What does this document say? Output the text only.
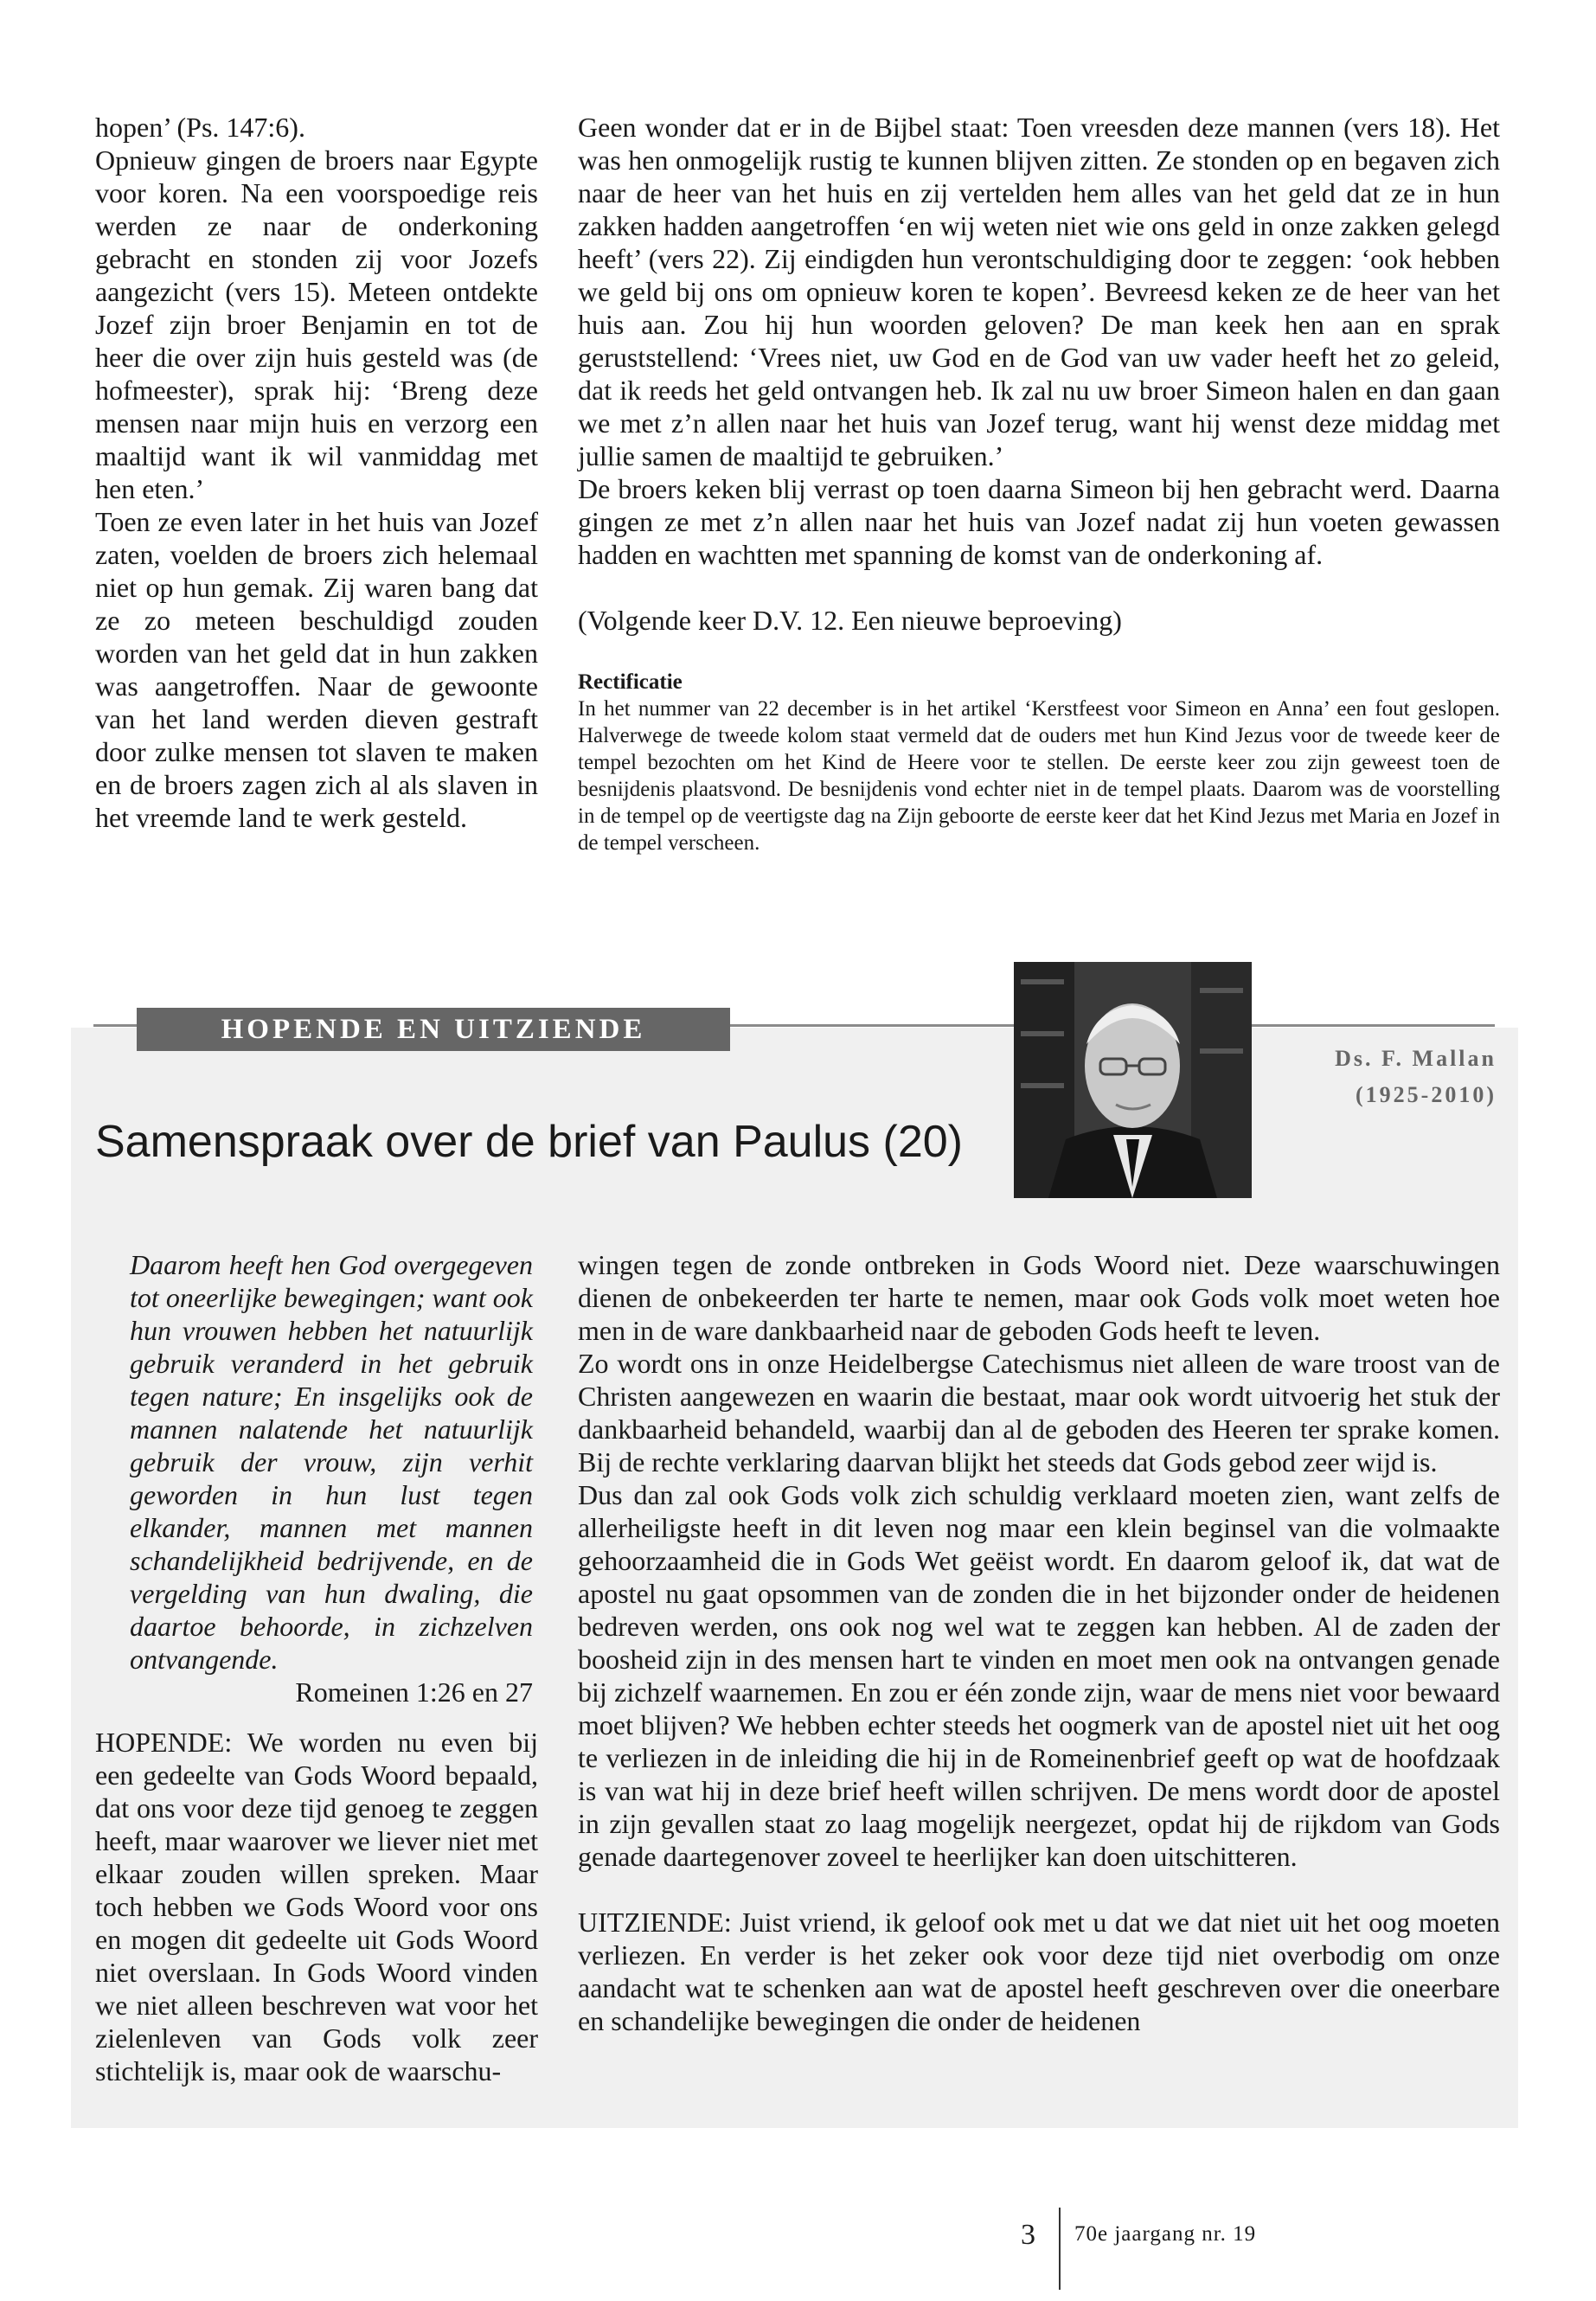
hopen’ (Ps. 147:6).

Opnieuw gingen de broers naar Egypte voor koren. Na een voorspoedige reis werden ze naar de onderkoning gebracht en stonden zij voor Jozefs aangezicht (vers 15). Meteen ontdekte Jozef zijn broer Benjamin en tot de heer die over zijn huis gesteld was (de hofmeester), sprak hij: ‘Breng deze mensen naar mijn huis en verzorg een maaltijd want ik wil vanmiddag met hen eten.’

Toen ze even later in het huis van Jozef zaten, voelden de broers zich helemaal niet op hun gemak. Zij waren bang dat ze zo meteen beschuldigd zouden worden van het geld dat in hun zakken was aangetroffen. Naar de gewoonte van het land werden dieven gestraft door zulke mensen tot slaven te maken en de broers zagen zich al als slaven in het vreemde land te werk gesteld.

Geen wonder dat er in de Bijbel staat: Toen vreesden deze mannen (vers 18). Het was hen onmogelijk rustig te kunnen blijven zitten. Ze stonden op en begaven zich naar de heer van het huis en zij vertelden hem alles van het geld dat ze in hun zakken hadden aangetroffen ‘en wij weten niet wie ons geld in onze zakken gelegd heeft’ (vers 22). Zij eindigden hun verontschuldiging door te zeggen: ‘ook hebben we geld bij ons om opnieuw koren te kopen’. Bevreesd keken ze de heer van het huis aan. Zou hij hun woorden geloven? De man keek hen aan en sprak geruststellend: ‘Vrees niet, uw God en de God van uw vader heeft het zo geleid, dat ik reeds het geld ontvangen heb. Ik zal nu uw broer Simeon halen en dan gaan we met z’n allen naar het huis van Jozef terug, want hij wenst deze middag met jullie samen de maaltijd te gebruiken.’

De broers keken blij verrast op toen daarna Simeon bij hen gebracht werd. Daarna gingen ze met z’n allen naar het huis van Jozef nadat zij hun voeten gewassen hadden en wachtten met spanning de komst van de onderkoning af.

(Volgende keer D.V. 12. Een nieuwe beproeving)

Rectificatie

In het nummer van 22 december is in het artikel ‘Kerstfeest voor Simeon en Anna’ een fout geslopen. Halverwege de tweede kolom staat vermeld dat de ouders met hun Kind Jezus voor de tweede keer de tempel bezochten om het Kind de Heere voor te stellen. De eerste keer zou zijn geweest toen de besnijdenis plaatsvond. De besnijdenis vond echter niet in de tempel plaats. Daarom was de voorstelling in de tempel op de veertigste dag na Zijn geboorte de eerste keer dat het Kind Jezus met Maria en Jozef in de tempel verscheen.

HOPENDE EN UITZIENDE
Ds. F. Mallan
(1925-2010)
Samenspraak over de brief van Paulus (20)

Daarom heeft hen God overgegeven tot oneerlijke bewegingen; want ook hun vrouwen hebben het natuurlijk gebruik veranderd in het gebruik tegen nature; En insgelijks ook de mannen nalatende het natuurlijk gebruik der vrouw, zijn verhit geworden in hun lust tegen elkander, mannen met mannen schandelijkheid bedrijvende, en de vergelding van hun dwaling, die daartoe behoorde, in zichzelven ontvangende.

Romeinen 1:26 en 27

HOPENDE: We worden nu even bij een gedeelte van Gods Woord bepaald, dat ons voor deze tijd genoeg te zeggen heeft, maar waarover we liever niet met elkaar zouden willen spreken. Maar toch hebben we Gods Woord voor ons en mogen dit gedeelte uit Gods Woord niet overslaan. In Gods Woord vinden we niet alleen beschreven wat voor het zielenleven van Gods volk zeer stichtelijk is, maar ook de waarschu-

wingen tegen de zonde ontbreken in Gods Woord niet. Deze waarschuwingen dienen de onbekeerden ter harte te nemen, maar ook Gods volk moet weten hoe men in de ware dankbaarheid naar de geboden Gods heeft te leven.

Zo wordt ons in onze Heidelbergse Catechismus niet alleen de ware troost van de Christen aangewezen en waarin die bestaat, maar ook wordt uitvoerig het stuk der dankbaarheid behandeld, waarbij dan al de geboden des Heeren ter sprake komen. Bij de rechte verklaring daarvan blijkt het steeds dat Gods gebod zeer wijd is.

Dus dan zal ook Gods volk zich schuldig verklaard moeten zien, want zelfs de allerheiligste heeft in dit leven nog maar een klein beginsel van die volmaakte gehoorzaamheid die in Gods Wet geëist wordt. En daarom geloof ik, dat wat de apostel nu gaat opsommen van de zonden die in het bijzonder onder de heidenen bedreven werden, ons ook nog wel wat te zeggen kan hebben. Al de zaden der boosheid zijn in des mensen hart te vinden en moet men ook na ontvangen genade bij zichzelf waarnemen. En zou er één zonde zijn, waar de mens niet voor bewaard moet blijven? We hebben echter steeds het oogmerk van de apostel niet uit het oog te verliezen in de inleiding die hij in de Romeinenbrief geeft op wat de hoofdzaak is van wat hij in deze brief heeft willen schrijven. De mens wordt door de apostel in zijn gevallen staat zo laag mogelijk neergezet, opdat hij de rijkdom van Gods genade daartegenover zoveel te heerlijker kan doen uitschitteren.

UITZIENDE: Juist vriend, ik geloof ook met u dat we dat niet uit het oog moeten verliezen. En verder is het zeker ook voor deze tijd niet overbodig om onze aandacht wat te schenken aan wat de apostel heeft geschreven over die oneerbare en schandelijke bewegingen die onder de heidenen

3 70e jaargang nr. 19
